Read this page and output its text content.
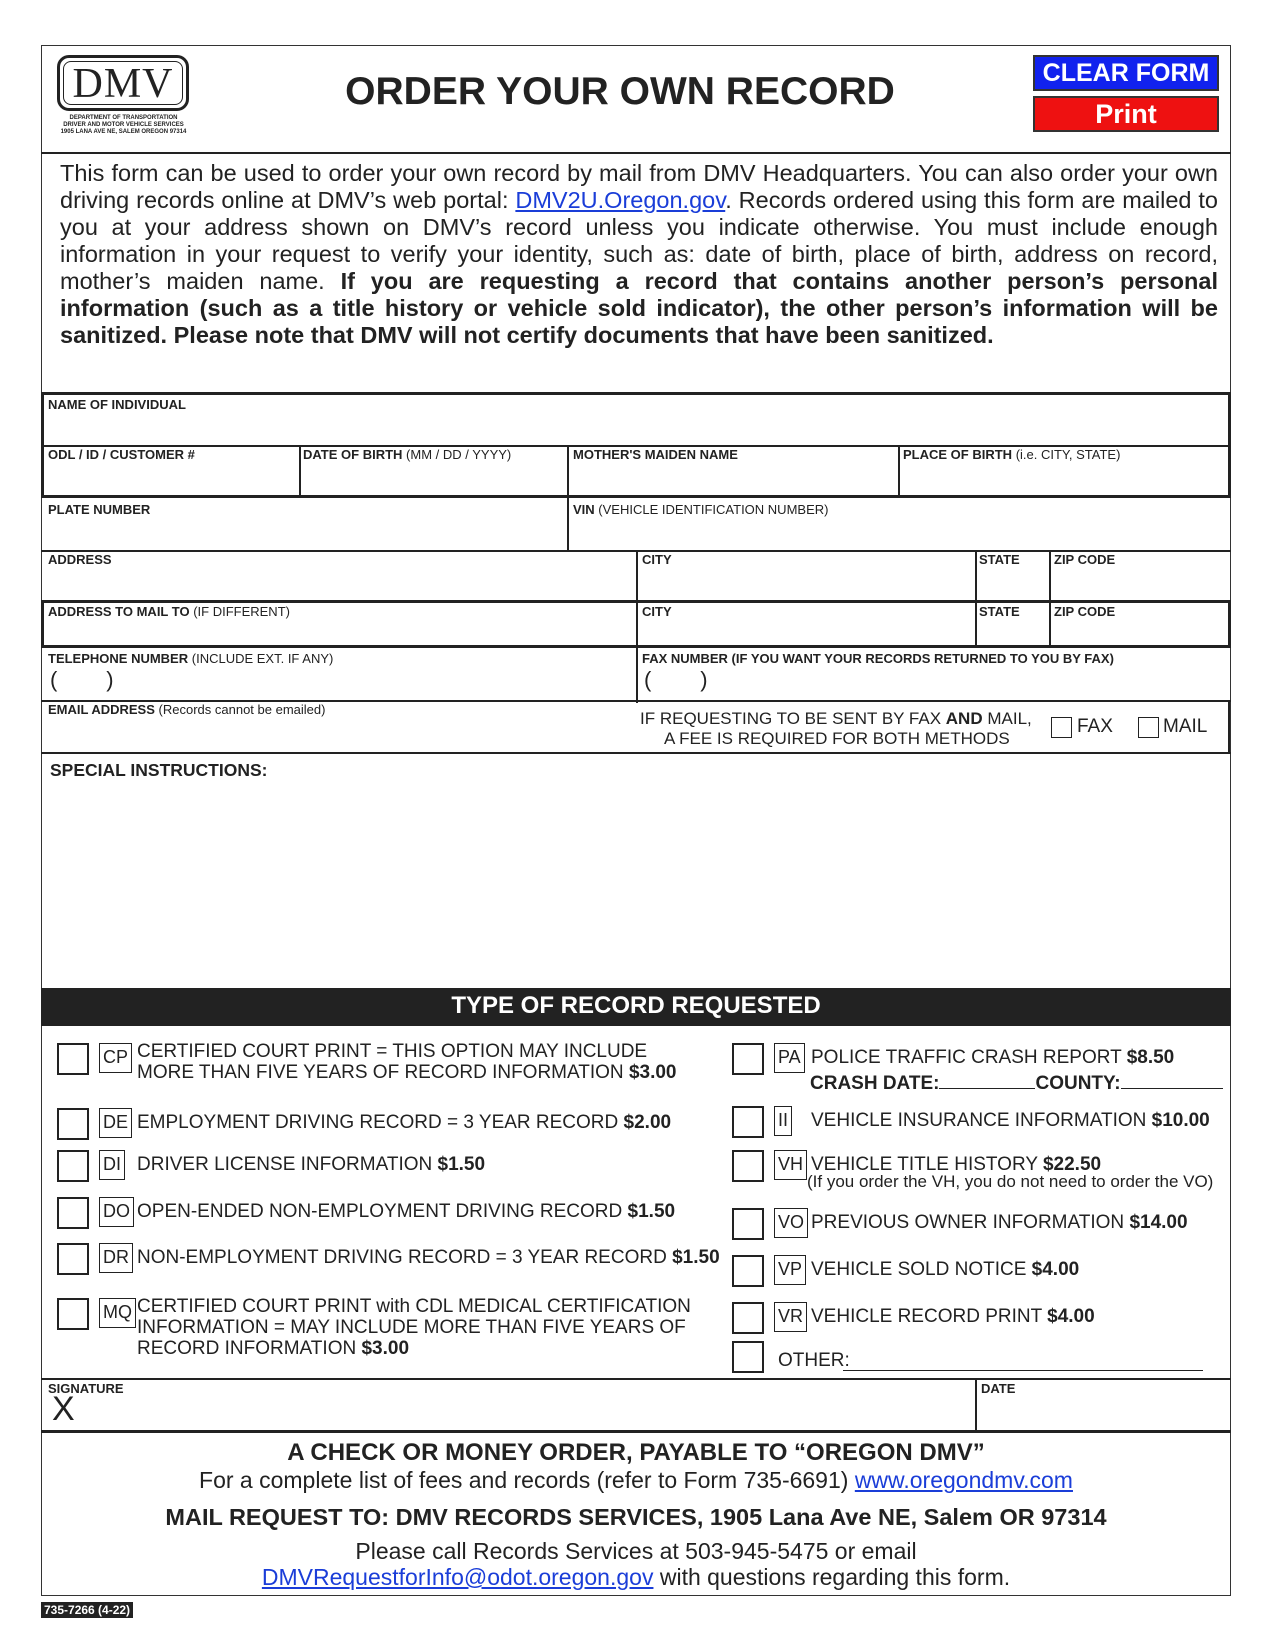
DMV
DEPARTMENT OF TRANSPORTATION
DRIVER AND MOTOR VEHICLE SERVICES
1905 LANA AVE NE, SALEM OREGON 97314
ORDER YOUR OWN RECORD	CLEAR FORM
Print
This form can be used to order your own record by mail from DMV Headquarters. You can also order your own driving records online at DMV’s web portal: DMV2U.Oregon.gov. Records ordered using this form are mailed to you at your address shown on DMV’s record unless you indicate otherwise. You must include enough information in your request to verify your identity, such as: date of birth, place of birth, address on record, mother’s maiden name. If you are requesting a record that contains another person’s personal information (such as a title history or vehicle sold indicator), the other person’s information will be sanitized. Please note that DMV will not certify documents that have been sanitized.
NAME OF INDIVIDUAL
ODL / ID / CUSTOMER #	DATE OF BIRTH (MM / DD / YYYY)	MOTHER'S MAIDEN NAME	PLACE OF BIRTH (i.e. CITY, STATE)
PLATE NUMBER	VIN (VEHICLE IDENTIFICATION NUMBER)
ADDRESS	CITY	STATE	ZIP CODE
ADDRESS TO MAIL TO (IF DIFFERENT)	CITY	STATE	ZIP CODE
TELEPHONE NUMBER (INCLUDE EXT. IF ANY)
(        )
FAX NUMBER (IF YOU WANT YOUR RECORDS RETURNED TO YOU BY FAX)
(        )
EMAIL ADDRESS (Records cannot be emailed)	IF REQUESTING TO BE SENT BY FAX AND MAIL,
A FEE IS REQUIRED FOR BOTH METHODS
FAX	MAIL
SPECIAL INSTRUCTIONS:
TYPE OF RECORD REQUESTED
CRASH DATE:	COUNTY:
(If you order the VH, you do not need to order the VO)
OTHER:
SIGNATURE
X
DATE
A CHECK OR MONEY ORDER, PAYABLE TO “OREGON DMV”
For a complete list of fees and records (refer to Form 735-6691) www.oregondmv.com
MAIL REQUEST TO: DMV RECORDS SERVICES, 1905 Lana Ave NE, Salem OR 97314
Please call Records Services at 503-945-5475 or email
DMVRequestforInfo@odot.oregon.gov with questions regarding this form.
735-7266 (4-22)
CP CERTIFIED COURT PRINT = THIS OPTION MAY INCLUDE
MORE THAN FIVE YEARS OF RECORD INFORMATION $3.00
DE EMPLOYMENT DRIVING RECORD = 3 YEAR RECORD $2.00
DI DRIVER LICENSE INFORMATION $1.50
DO OPEN-ENDED NON-EMPLOYMENT DRIVING RECORD $1.50
DR NON-EMPLOYMENT DRIVING RECORD = 3 YEAR RECORD $1.50
MQ CERTIFIED COURT PRINT with CDL MEDICAL CERTIFICATION
INFORMATION = MAY INCLUDE MORE THAN FIVE YEARS OF
RECORD INFORMATION $3.00
PA POLICE TRAFFIC CRASH REPORT $8.50
II VEHICLE INSURANCE INFORMATION $10.00
VH VEHICLE TITLE HISTORY $22.50
VO PREVIOUS OWNER INFORMATION $14.00
VP VEHICLE SOLD NOTICE $4.00
VR VEHICLE RECORD PRINT $4.00
